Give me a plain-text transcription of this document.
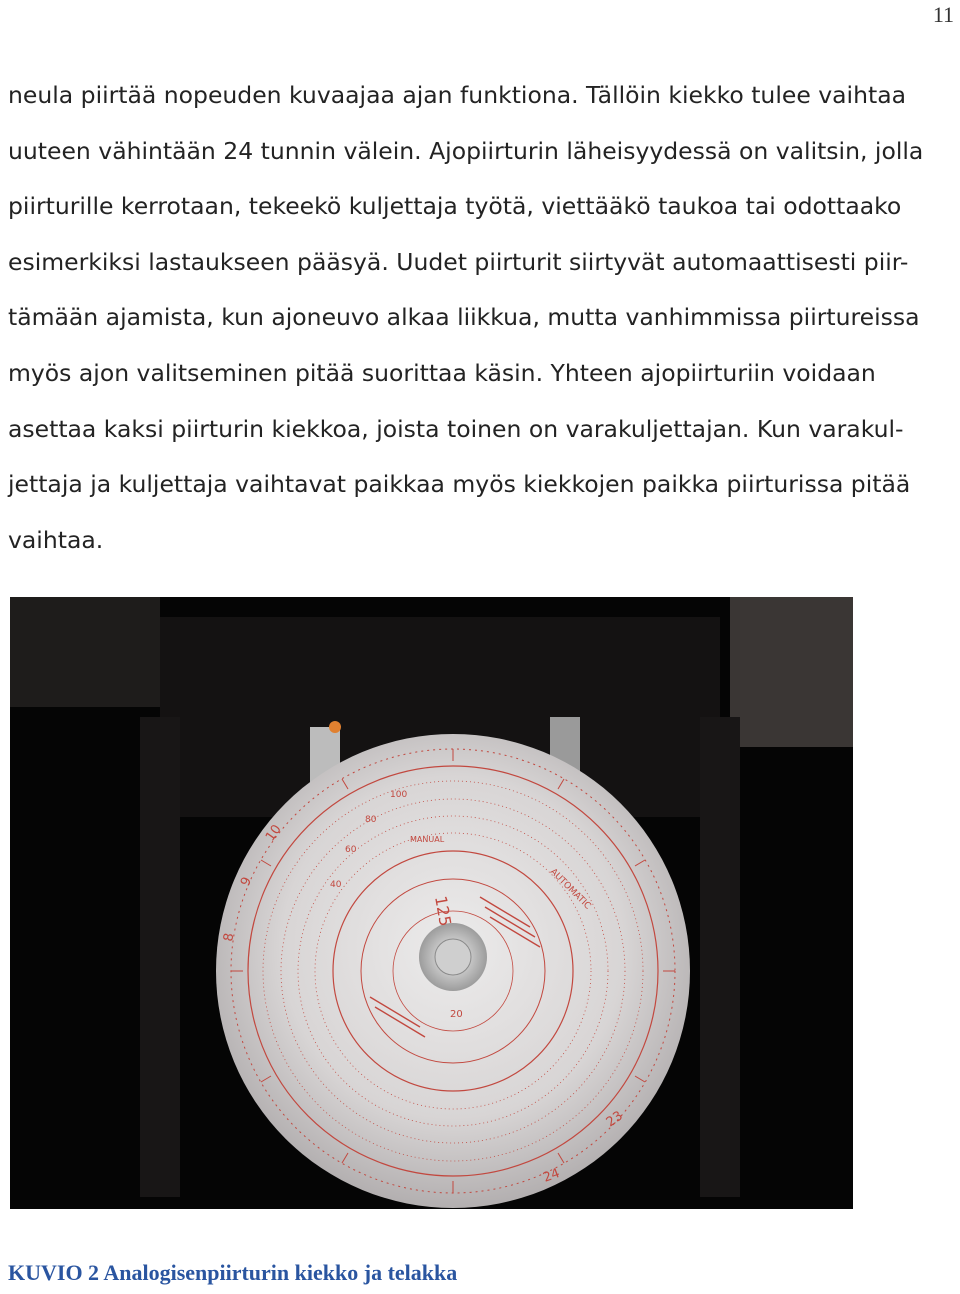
11
neula piirtää nopeuden kuvaajaa ajan funktiona. Tällöin kiekko tulee vaihtaa
uuteen vähintään 24 tunnin välein. Ajopiirturin läheisyydessä on valitsin, jolla
piirturille kerrotaan, tekeekö kuljettaja työtä, viettääkö taukoa tai odottaako
esimerkiksi lastaukseen pääsyä. Uudet piirturit siirtyvät automaattisesti piir-
tämään ajamista, kun ajoneuvo alkaa liikkua, mutta vanhimmissa piirtureissa
myös ajon valitseminen pitää suorittaa käsin. Yhteen ajopiirturiin voidaan
asettaa kaksi piirturin kiekkoa, joista toinen on varakuljettajan. Kun varakul-
jettaja ja kuljettaja vaihtavat paikkaa myös kiekkojen paikka piirturissa pitää
vaihtaa.
125
100
80
60
40
20
AUTOMATIC
MANUAL
23
24
8
9
10
KUVIO 2 Analogisenpiirturin kiekko ja telakka
